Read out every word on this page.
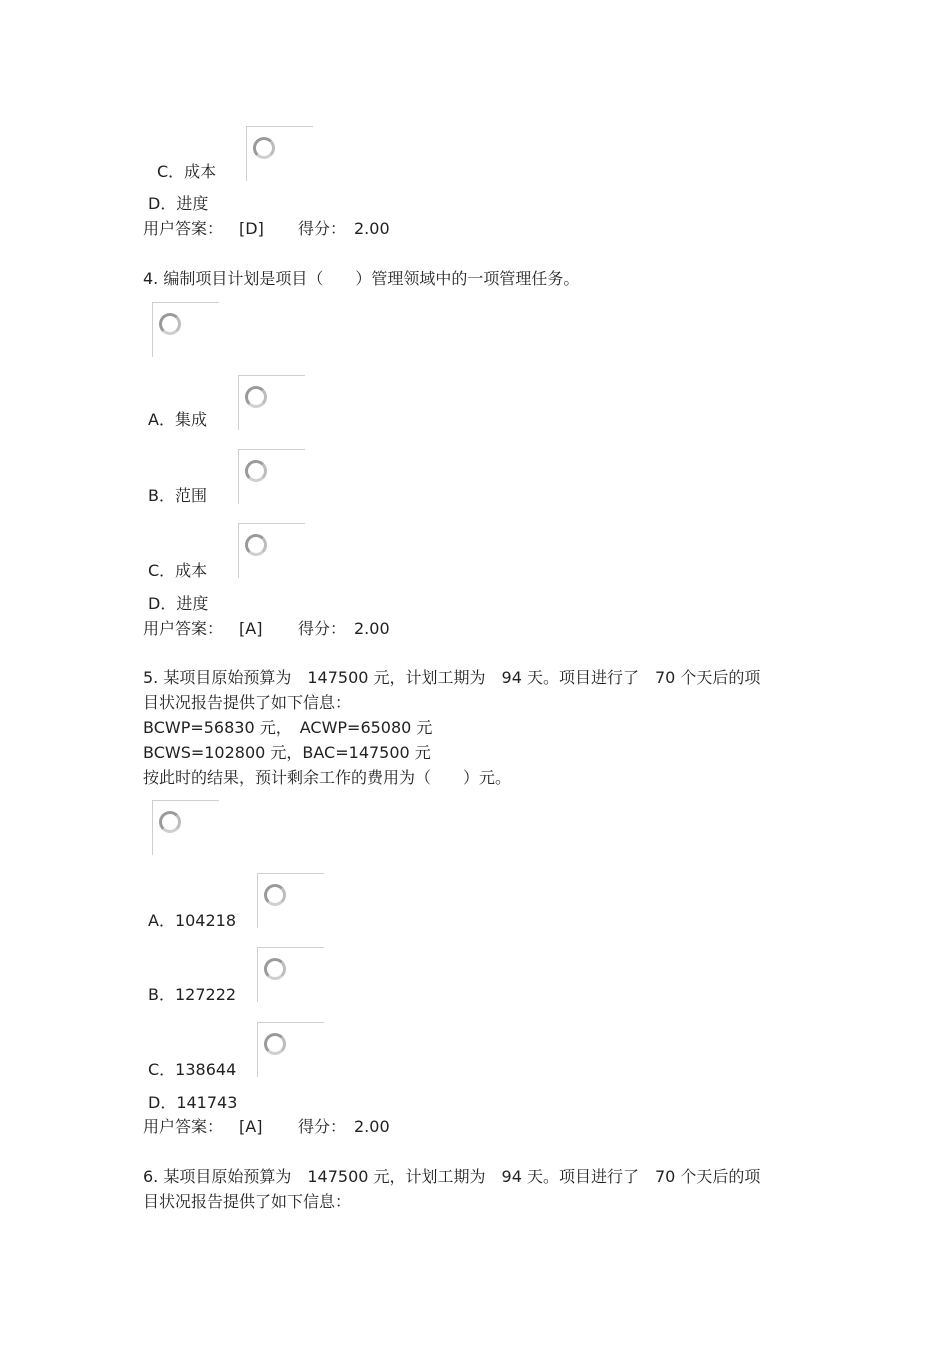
C．成本
D．进度
用户答案： [D] 得分： 2.00
4. 编制项目计划是项目（　　）管理领域中的一项管理任务。
A．集成
B．范围
C．成本
D．进度
用户答案： [A] 得分： 2.00
5. 某项目原始预算为　147500 元，计划工期为　94 天。项目进行了　70 个天后的项
目状况报告提供了如下信息：
BCWP=56830 元，　ACWP=65080 元
BCWS=102800 元，BAC=147500 元
按此时的结果，预计剩余工作的费用为（　　）元。
A．104218
B．127222
C．138644
D．141743
用户答案： [A] 得分： 2.00
6. 某项目原始预算为　147500 元，计划工期为　94 天。项目进行了　70 个天后的项
目状况报告提供了如下信息：
